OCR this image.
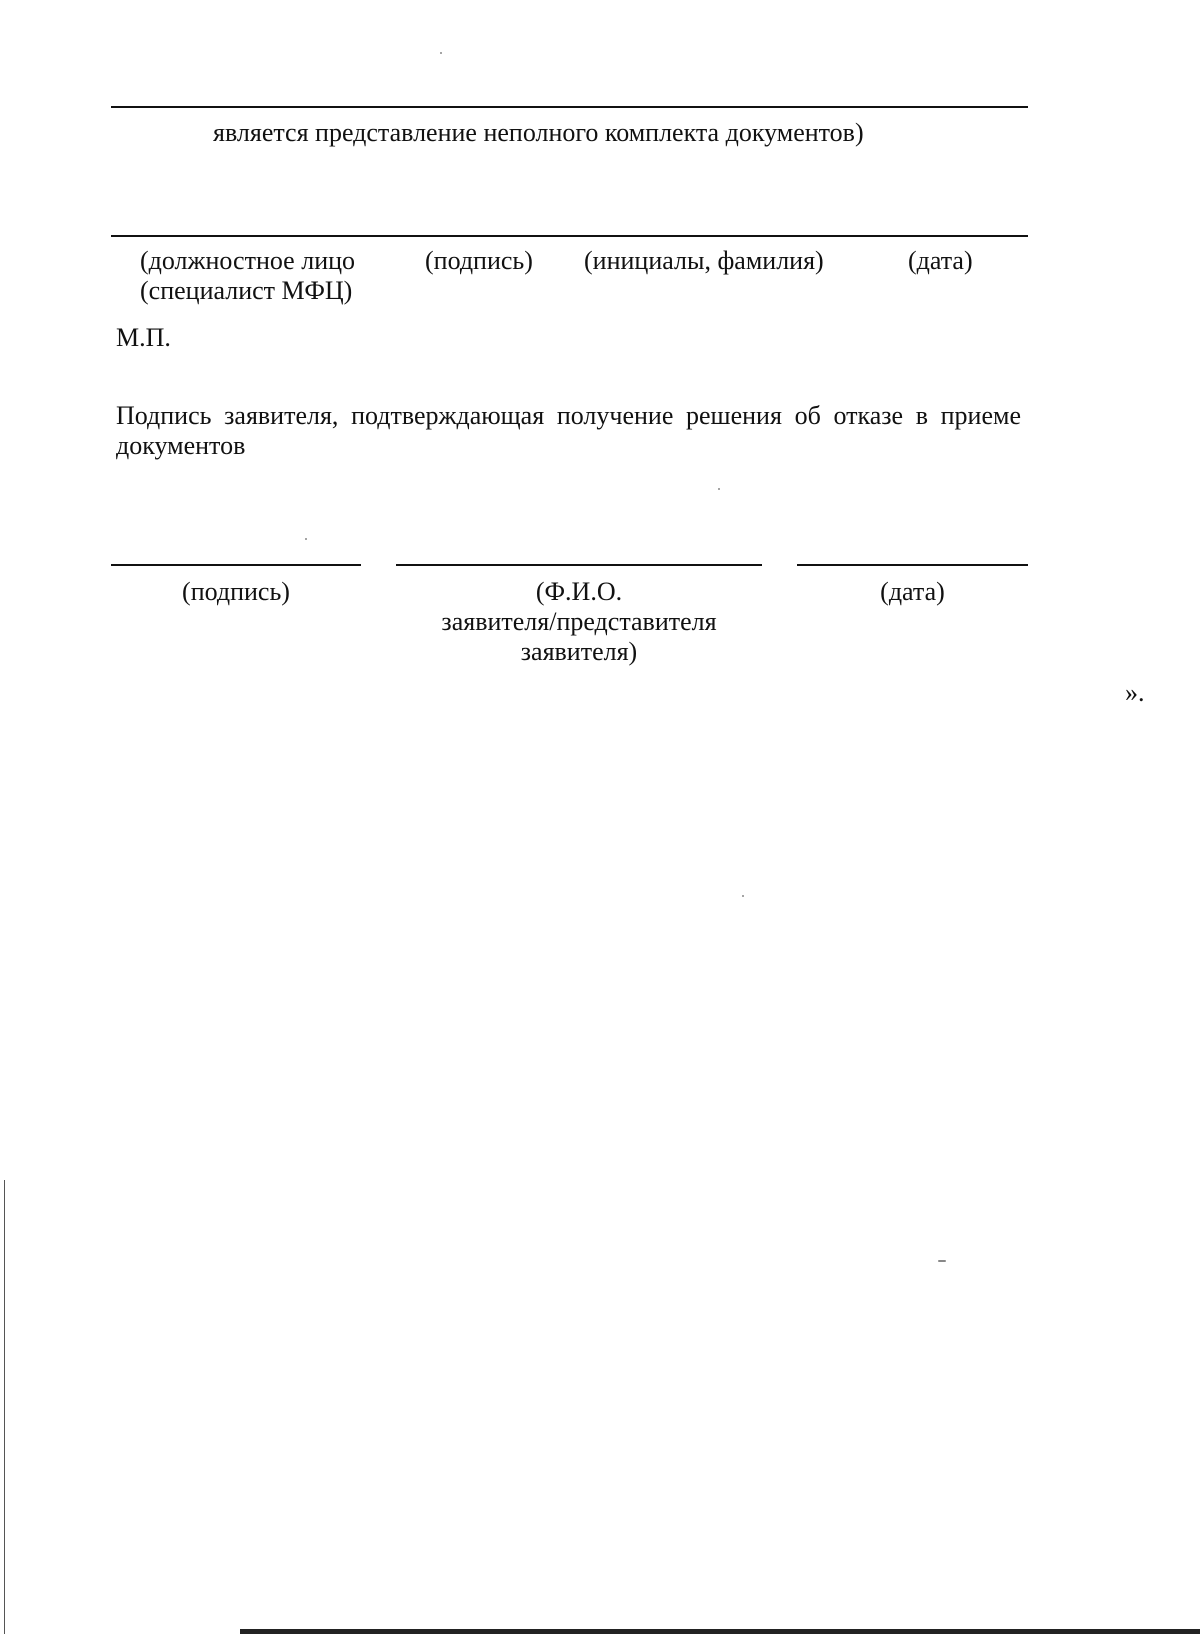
является представление неполного комплекта документов)
(должностное лицо
(специалист МФЦ)
(подпись) (инициалы, фамилия)	(дата)
М.П.
Подпись заявителя, подтверждающая получение решения об отказе в приеме документов
(подпись)	(Ф.И.О.
заявителя/представителя
заявителя)
(дата)
».
